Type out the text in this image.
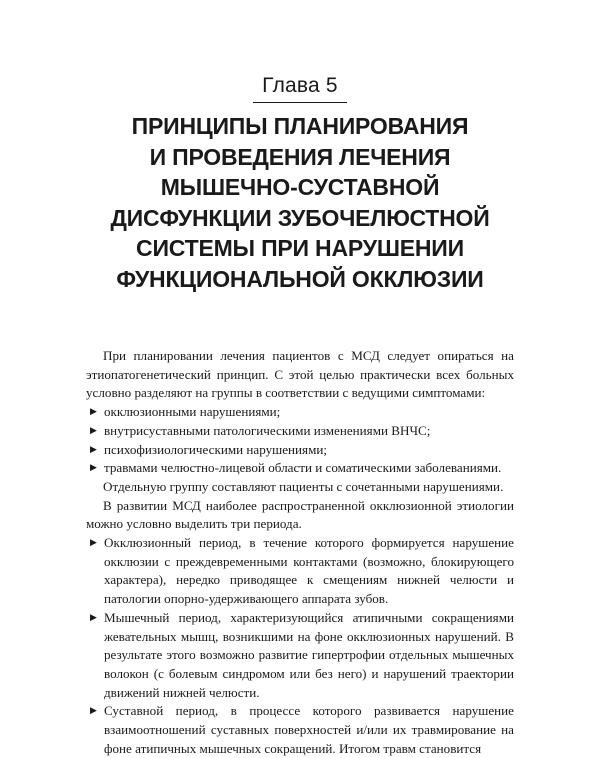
Глава 5
ПРИНЦИПЫ ПЛАНИРОВАНИЯ
И ПРОВЕДЕНИЯ ЛЕЧЕНИЯ
МЫШЕЧНО-СУСТАВНОЙ
ДИСФУНКЦИИ ЗУБОЧЕЛЮСТНОЙ
СИСТЕМЫ ПРИ НАРУШЕНИИ
ФУНКЦИОНАЛЬНОЙ ОККЛЮЗИИ

При планировании лечения пациентов с МСД следует опираться на этиопатогенетический принцип. С этой целью практически всех больных условно разделяют на группы в соответствии с ведущими симптомами:

▶
окклюзионными нарушениями;
▶
внутрисуставными патологическими изменениями ВНЧС;
▶
психофизиологическими нарушениями;
▶
травмами челюстно-лицевой области и соматическими заболеваниями.

Отдельную группу составляют пациенты с сочетанными нарушениями.

В развитии МСД наиболее распространенной окклюзионной этиологии можно условно выделить три периода.

▶
Окклюзионный период, в течение которого формируется нарушение окклюзии с преждевременными контактами (возможно, блокирующего характера), нередко приводящее к смещениям нижней челюсти и патологии опорно-удерживающего аппарата зубов.
▶
Мышечный период, характеризующийся атипичными сокращениями жевательных мышц, возникшими на фоне окклюзионных нарушений. В результате этого возможно развитие гипертрофии отдельных мышечных волокон (с болевым синдромом или без него) и нарушений траектории движений нижней челюсти.
▶
Суставной период, в процессе которого развивается нарушение взаимоотношений суставных поверхностей и/или их травмирование на фоне атипичных мышечных сокращений. Итогом травм становится
